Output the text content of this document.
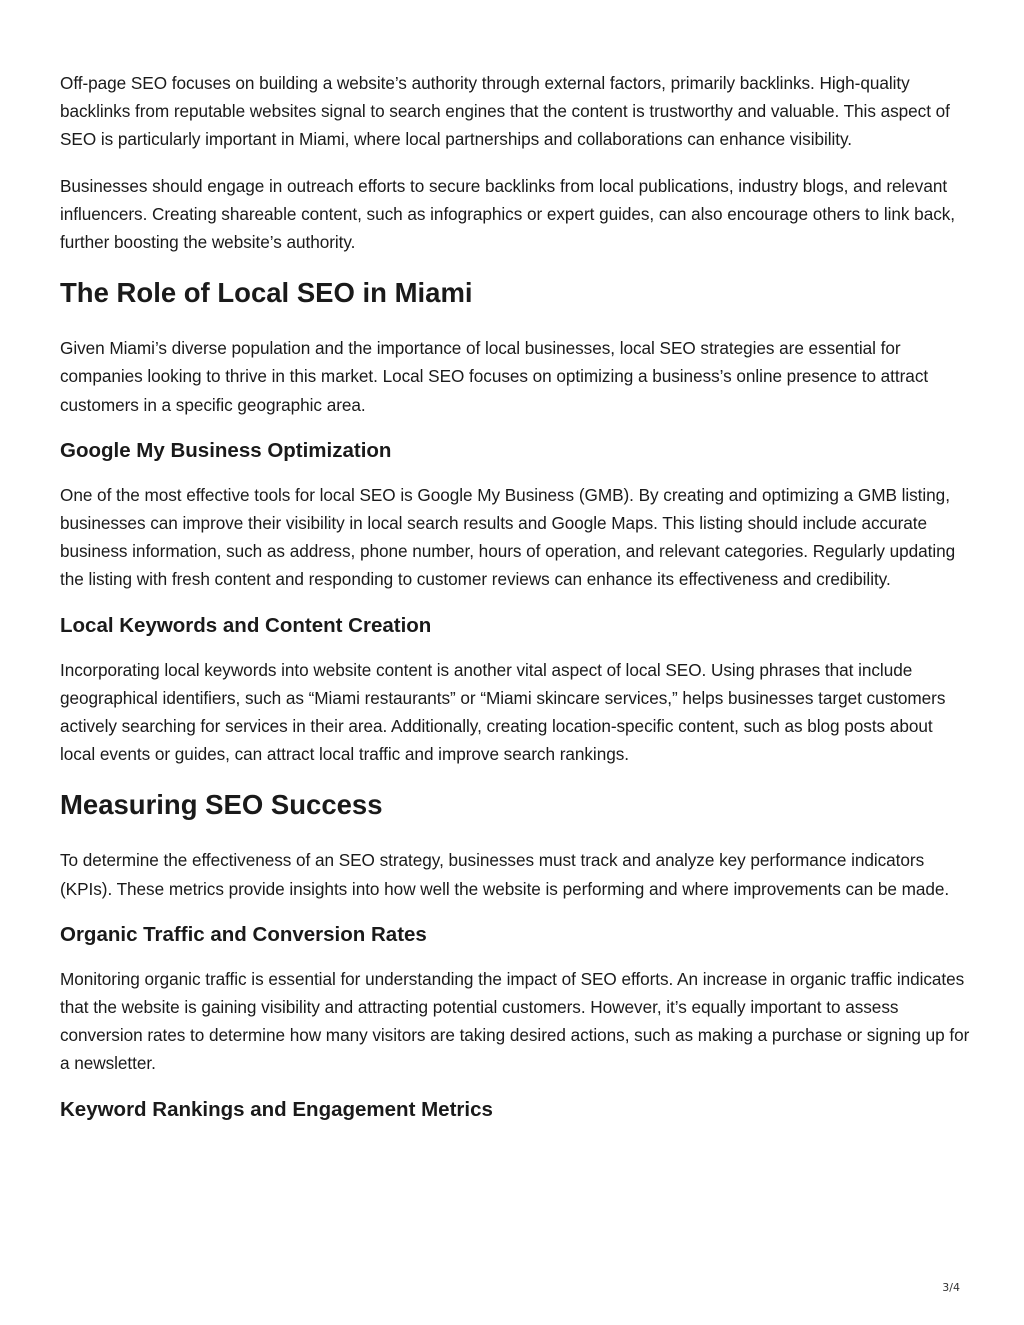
Off-page SEO focuses on building a website’s authority through external factors, primarily backlinks. High-quality backlinks from reputable websites signal to search engines that the content is trustworthy and valuable. This aspect of SEO is particularly important in Miami, where local partnerships and collaborations can enhance visibility.

Businesses should engage in outreach efforts to secure backlinks from local publications, industry blogs, and relevant influencers. Creating shareable content, such as infographics or expert guides, can also encourage others to link back, further boosting the website’s authority.

The Role of Local SEO in Miami

Given Miami’s diverse population and the importance of local businesses, local SEO strategies are essential for companies looking to thrive in this market. Local SEO focuses on optimizing a business’s online presence to attract customers in a specific geographic area.

Google My Business Optimization

One of the most effective tools for local SEO is Google My Business (GMB). By creating and optimizing a GMB listing, businesses can improve their visibility in local search results and Google Maps. This listing should include accurate business information, such as address, phone number, hours of operation, and relevant categories. Regularly updating the listing with fresh content and responding to customer reviews can enhance its effectiveness and credibility.

Local Keywords and Content Creation

Incorporating local keywords into website content is another vital aspect of local SEO. Using phrases that include geographical identifiers, such as “Miami restaurants” or “Miami skincare services,” helps businesses target customers actively searching for services in their area. Additionally, creating location-specific content, such as blog posts about local events or guides, can attract local traffic and improve search rankings.

Measuring SEO Success

To determine the effectiveness of an SEO strategy, businesses must track and analyze key performance indicators (KPIs). These metrics provide insights into how well the website is performing and where improvements can be made.

Organic Traffic and Conversion Rates

Monitoring organic traffic is essential for understanding the impact of SEO efforts. An increase in organic traffic indicates that the website is gaining visibility and attracting potential customers. However, it’s equally important to assess conversion rates to determine how many visitors are taking desired actions, such as making a purchase or signing up for a newsletter.

Keyword Rankings and Engagement Metrics
3/4
